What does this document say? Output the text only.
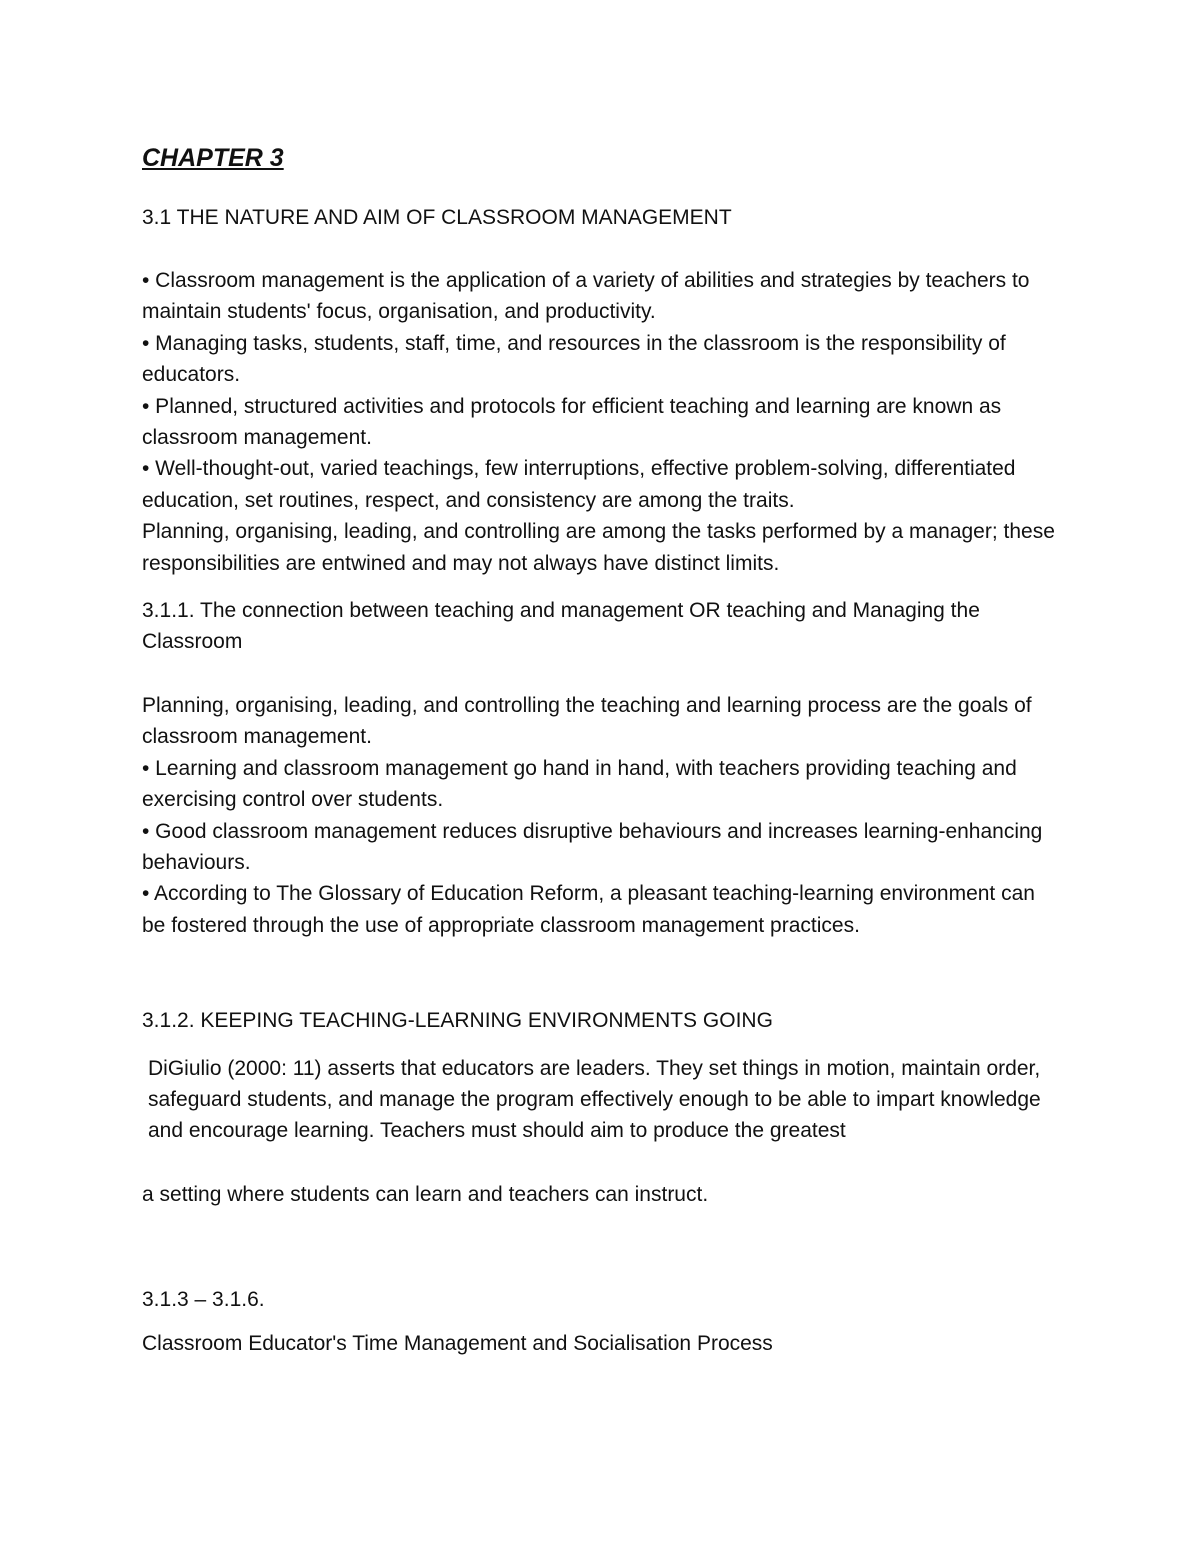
CHAPTER 3

3.1 THE NATURE AND AIM OF CLASSROOM MANAGEMENT

• Classroom management is the application of a variety of abilities and strategies by teachers to maintain students' focus, organisation, and productivity.

• Managing tasks, students, staff, time, and resources in the classroom is the responsibility of educators.

• Planned, structured activities and protocols for efficient teaching and learning are known as classroom management.

• Well-thought-out, varied teachings, few interruptions, effective problem-solving, differentiated education, set routines, respect, and consistency are among the traits.

Planning, organising, leading, and controlling are among the tasks performed by a manager; these responsibilities are entwined and may not always have distinct limits.

3.1.1. The connection between teaching and management OR teaching and Managing the Classroom

Planning, organising, leading, and controlling the teaching and learning process are the goals of classroom management.

• Learning and classroom management go hand in hand, with teachers providing teaching and exercising control over students.

• Good classroom management reduces disruptive behaviours and increases learning-enhancing behaviours.

• According to The Glossary of Education Reform, a pleasant teaching-learning environment can be fostered through the use of appropriate classroom management practices.

3.1.2. KEEPING TEACHING-LEARNING ENVIRONMENTS GOING

DiGiulio (2000: 11) asserts that educators are leaders. They set things in motion, maintain order, safeguard students, and manage the program effectively enough to be able to impart knowledge and encourage learning. Teachers must should aim to produce the greatest

a setting where students can learn and teachers can instruct.

3.1.3 – 3.1.6.

Classroom Educator's Time Management and Socialisation Process
